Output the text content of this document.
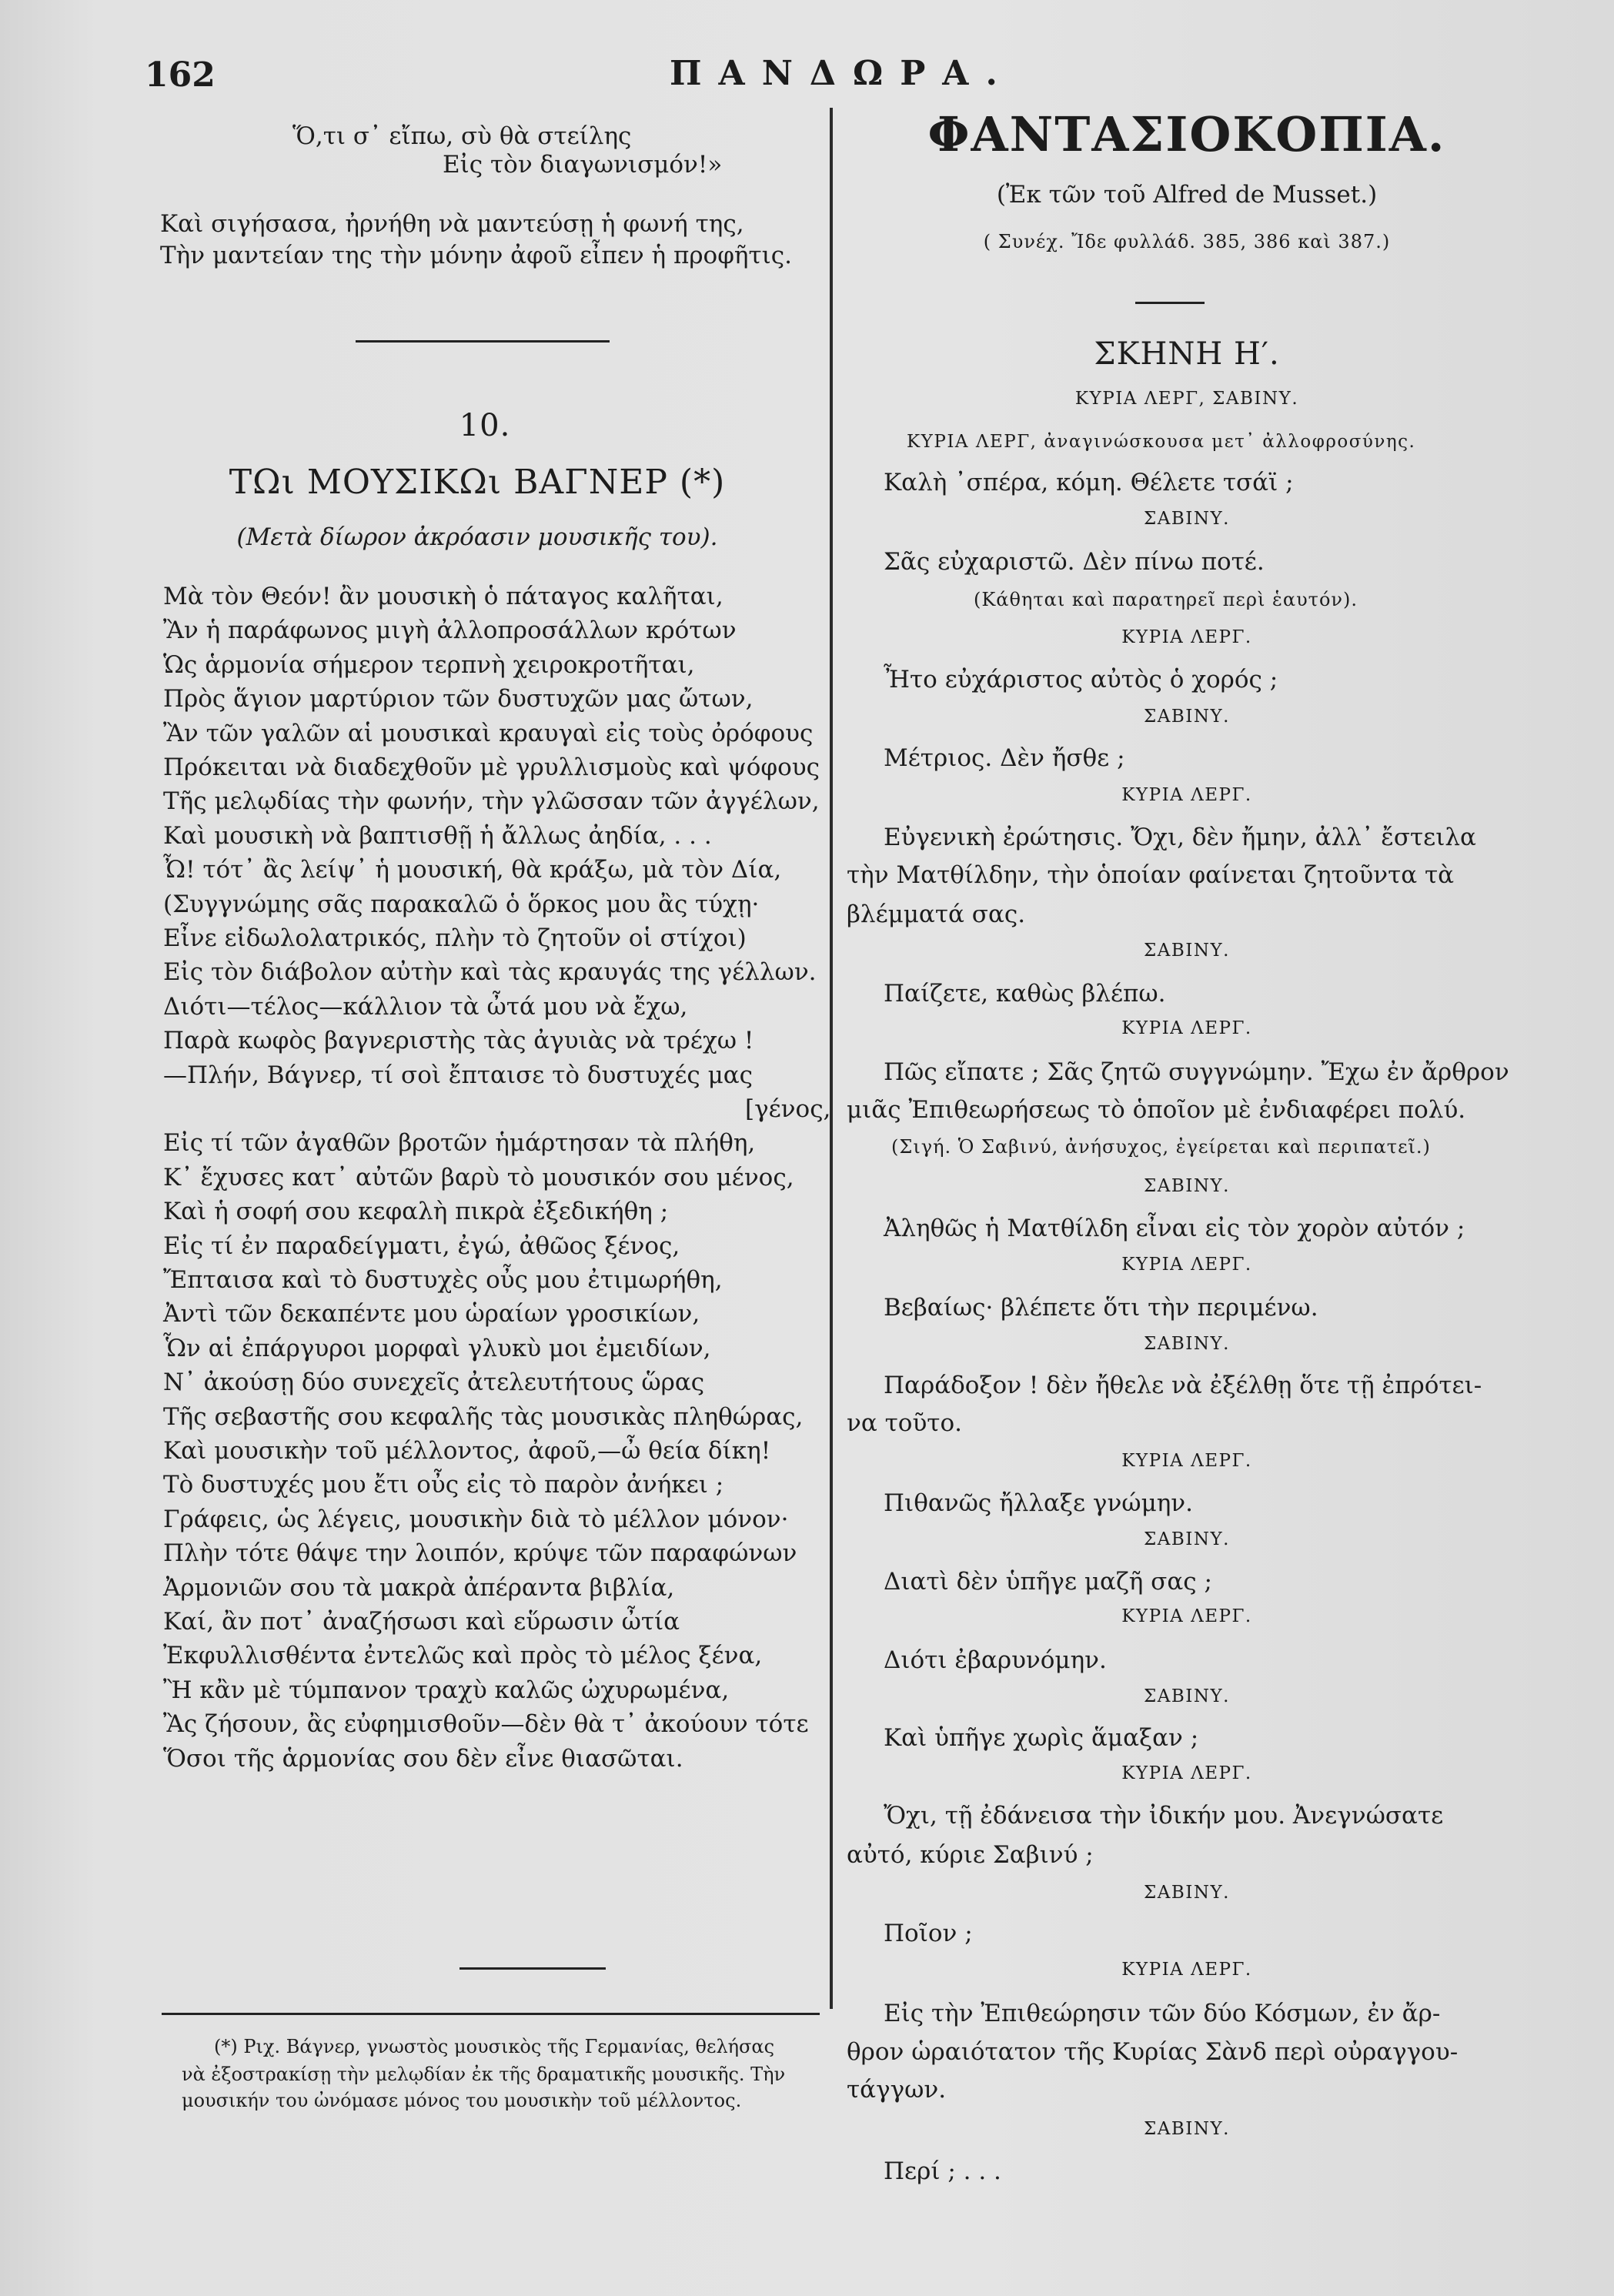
162	ΠΑΝΔΩΡΑ.
Ὅ,τι σ᾽ εἴπω, σὺ θὰ στείλης
Εἰς τὸν διαγωνισμόν!»
Καὶ σιγήσασα, ἠρνήθη νὰ μαντεύσῃ ἡ φωνή της,
Τὴν μαντείαν της τὴν μόνην ἀφοῦ εἶπεν ἡ προφῆτις.
10.
ΤΩι ΜΟΥΣΙΚΩι ΒΑΓΝΕΡ (*)
(Μετὰ δίωρον ἀκρόασιν μουσικῆς του).
Μὰ τὸν Θεόν! ἂν μουσικὴ ὁ πάταγος καλῆται,
Ἂν ἡ παράφωνος μιγὴ ἀλλοπροσάλλων κρότων
Ὡς ἁρμονία σήμερον τερπνὴ χειροκροτῆται,
Πρὸς ἅγιον μαρτύριον τῶν δυστυχῶν μας ὤτων,
Ἂν τῶν γαλῶν αἱ μουσικαὶ κραυγαὶ εἰς τοὺς ὀρόφους
Πρόκειται νὰ διαδεχθοῦν μὲ γρυλλισμοὺς καὶ ψόφους
Τῆς μελῳδίας τὴν φωνήν, τὴν γλῶσσαν τῶν ἀγγέλων,
Καὶ μουσικὴ νὰ βαπτισθῇ ἡ ἄλλως ἀηδία, . . .
Ὦ! τότ᾽ ἂς λείψ᾽ ἡ μουσική, θὰ κράξω, μὰ τὸν Δία,
(Συγγνώμης σᾶς παρακαλῶ ὁ ὅρκος μου ἂς τύχῃ·
Εἶνε εἰδωλολατρικός, πλὴν τὸ ζητοῦν οἱ στίχοι)
Εἰς τὸν διάβολον αὐτὴν καὶ τὰς κραυγάς της γέλλων.
Διότι—τέλος—κάλλιον τὰ ὦτά μου νὰ ἔχω,
Παρὰ κωφὸς βαγνεριστὴς τὰς ἀγυιὰς νὰ τρέχω !
—Πλήν, Βάγνερ, τί σοὶ ἔπταισε τὸ δυστυχές μας
[γένος,
Εἰς τί τῶν ἀγαθῶν βροτῶν ἡμάρτησαν τὰ πλήθη,
Κ᾽ ἔχυσες κατ᾽ αὐτῶν βαρὺ τὸ μουσικόν σου μένος,
Καὶ ἡ σοφή σου κεφαλὴ πικρὰ ἐξεδικήθη ;
Εἰς τί ἐν παραδείγματι, ἐγώ, ἀθῶος ξένος,
Ἔπταισα καὶ τὸ δυστυχὲς οὖς μου ἐτιμωρήθη,
Ἀντὶ τῶν δεκαπέντε μου ὡραίων γροσικίων,
Ὧν αἱ ἐπάργυροι μορφαὶ γλυκὺ μοι ἐμειδίων,
Ν᾽ ἀκούσῃ δύο συνεχεῖς ἀτελευτήτους ὥρας
Τῆς σεβαστῆς σου κεφαλῆς τὰς μουσικὰς πληθώρας,
Καὶ μουσικὴν τοῦ μέλλοντος, ἀφοῦ,—ὦ θεία δίκη!
Τὸ δυστυχές μου ἔτι οὖς εἰς τὸ παρὸν ἀνήκει ;
Γράφεις, ὡς λέγεις, μουσικὴν διὰ τὸ μέλλον μόνον·
Πλὴν τότε θάψε την λοιπόν, κρύψε τῶν παραφώνων
Ἀρμονιῶν σου τὰ μακρὰ ἀπέραντα βιβλία,
Καί, ἂν ποτ᾽ ἀναζήσωσι καὶ εὕρωσιν ὦτία
Ἐκφυλλισθέντα ἐντελῶς καὶ πρὸς τὸ μέλος ξένα,
Ἢ κἂν μὲ τύμπανον τραχὺ καλῶς ὠχυρωμένα,
Ἂς ζήσουν, ἂς εὐφημισθοῦν—δὲν θὰ τ᾽ ἀκούουν τότε
Ὅσοι τῆς ἁρμονίας σου δὲν εἶνε θιασῶται.
(*) Ριχ. Βάγνερ, γνωστὸς μουσικὸς τῆς Γερμανίας, θελήσας
νὰ ἐξοστρακίσῃ τὴν μελῳδίαν ἐκ τῆς δραματικῆς μουσικῆς. Τὴν
μουσικήν του ὠνόμασε μόνος του μουσικὴν τοῦ μέλλοντος.
ΦΑΝΤΑΣΙΟΚΟΠΙΑ.
(Ἐκ τῶν τοῦ Alfred de Musset.)
( Συνέχ. Ἴδε φυλλάδ. 385, 386 καὶ 387.)
ΣΚΗΝΗ Η′.
ΚΥΡΙΑ ΛΕΡΓ, ΣΑΒΙΝΥ.
ΚΥΡΙΑ ΛΕΡΓ, ἀναγινώσκουσα μετ᾽ ἀλλοφροσύνης.
Καλὴ ᾽σπέρα, κόμη. Θέλετε τσάϊ ;
ΣΑΒΙΝΥ.
Σᾶς εὐχαριστῶ. Δὲν πίνω ποτέ.
(Κάθηται καὶ παρατηρεῖ περὶ ἑαυτόν).
ΚΥΡΙΑ ΛΕΡΓ.
Ἦτο εὐχάριστος αὐτὸς ὁ χορός ;
ΣΑΒΙΝΥ.
Μέτριος. Δὲν ἤσθε ;
ΚΥΡΙΑ ΛΕΡΓ.
Εὐγενικὴ ἐρώτησις. Ὄχι, δὲν ἤμην, ἀλλ᾽ ἔστειλα
τὴν Ματθίλδην, τὴν ὁποίαν φαίνεται ζητοῦντα τὰ
βλέμματά σας.
ΣΑΒΙΝΥ.
Παίζετε, καθὼς βλέπω.
ΚΥΡΙΑ ΛΕΡΓ.
Πῶς εἴπατε ; Σᾶς ζητῶ συγγνώμην. Ἔχω ἐν ἄρθρον
μιᾶς Ἐπιθεωρήσεως τὸ ὁποῖον μὲ ἐνδιαφέρει πολύ.
(Σιγή. Ὁ Σαβινύ, ἀνήσυχος, ἐγείρεται καὶ περιπατεῖ.)
ΣΑΒΙΝΥ.
Ἀληθῶς ἡ Ματθίλδη εἶναι εἰς τὸν χορὸν αὐτόν ;
ΚΥΡΙΑ ΛΕΡΓ.
Βεβαίως· βλέπετε ὅτι τὴν περιμένω.
ΣΑΒΙΝΥ.
Παράδοξον ! δὲν ἤθελε νὰ ἐξέλθῃ ὅτε τῇ ἐπρότει-
να τοῦτο.
ΚΥΡΙΑ ΛΕΡΓ.
Πιθανῶς ἤλλαξε γνώμην.
ΣΑΒΙΝΥ.
Διατὶ δὲν ὑπῆγε μαζῆ σας ;
ΚΥΡΙΑ ΛΕΡΓ.
Διότι ἐβαρυνόμην.
ΣΑΒΙΝΥ.
Καὶ ὑπῆγε χωρὶς ἅμαξαν ;
ΚΥΡΙΑ ΛΕΡΓ.
Ὄχι, τῇ ἐδάνεισα τὴν ἰδικήν μου. Ἀνεγνώσατε
αὐτό, κύριε Σαβινύ ;
ΣΑΒΙΝΥ.
Ποῖον ;
ΚΥΡΙΑ ΛΕΡΓ.
Εἰς τὴν Ἐπιθεώρησιν τῶν δύο Κόσμων, ἐν ἄρ-
θρον ὡραιότατον τῆς Κυρίας Σὰνδ περὶ οὐραγγου-
τάγγων.
ΣΑΒΙΝΥ.
Περί ; . . .
